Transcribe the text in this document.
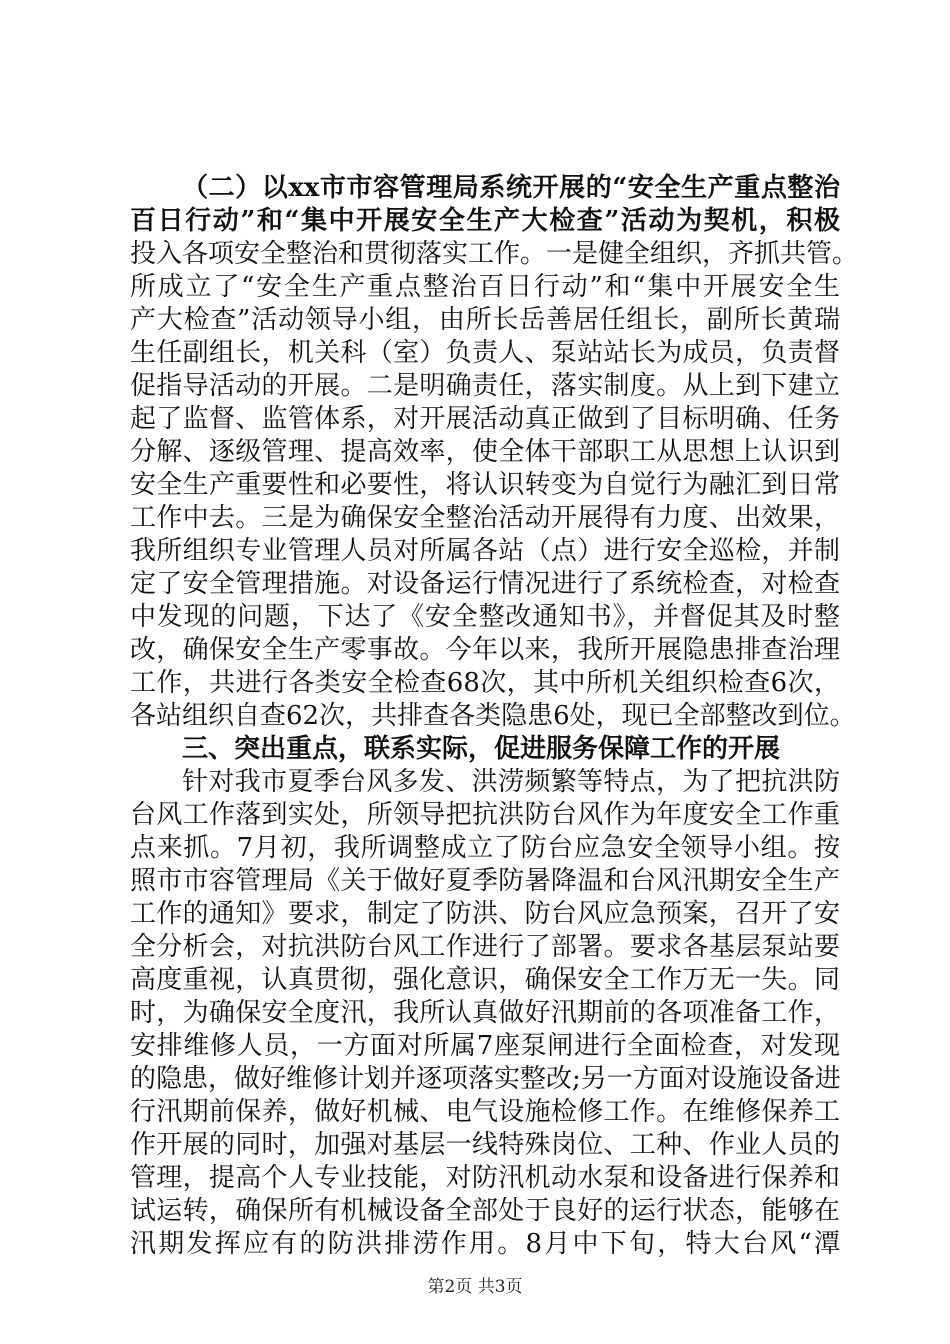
（二）以xx市市容管理局系统开展的“安全生产重点整治
百日行动”和“集中开展安全生产大检查”活动为契机，积极
投入各项安全整治和贯彻落实工作。一是健全组织，齐抓共管。
所成立了“安全生产重点整治百日行动”和“集中开展安全生
产大检查”活动领导小组，由所长岳善居任组长，副所长黄瑞
生任副组长，机关科（室）负责人、泵站站长为成员，负责督
促指导活动的开展。二是明确责任，落实制度。从上到下建立
起了监督、监管体系，对开展活动真正做到了目标明确、任务
分解、逐级管理、提高效率，使全体干部职工从思想上认识到
安全生产重要性和必要性，将认识转变为自觉行为融汇到日常
工作中去。三是为确保安全整治活动开展得有力度、出效果，
我所组织专业管理人员对所属各站（点）进行安全巡检，并制
定了安全管理措施。对设备运行情况进行了系统检查，对检查
中发现的问题，下达了《安全整改通知书》，并督促其及时整
改，确保安全生产零事故。今年以来，我所开展隐患排查治理
工作，共进行各类安全检查68次，其中所机关组织检查6次，
各站组织自查62次，共排查各类隐患6处，现已全部整改到位。
三、突出重点，联系实际，促进服务保障工作的开展
针对我市夏季台风多发、洪涝频繁等特点，为了把抗洪防
台风工作落到实处，所领导把抗洪防台风作为年度安全工作重
点来抓。7月初，我所调整成立了防台应急安全领导小组。按
照市市容管理局《关于做好夏季防暑降温和台风汛期安全生产
工作的通知》要求，制定了防洪、防台风应急预案，召开了安
全分析会，对抗洪防台风工作进行了部署。要求各基层泵站要
高度重视，认真贯彻，强化意识，确保安全工作万无一失。同
时，为确保安全度汛，我所认真做好汛期前的各项准备工作，
安排维修人员，一方面对所属7座泵闸进行全面检查，对发现
的隐患，做好维修计划并逐项落实整改;另一方面对设施设备进
行汛期前保养，做好机械、电气设施检修工作。在维修保养工
作开展的同时，加强对基层一线特殊岗位、工种、作业人员的
管理，提高个人专业技能，对防汛机动水泵和设备进行保养和
试运转，确保所有机械设备全部处于良好的运行状态，能够在
汛期发挥应有的防洪排涝作用。8月中下旬，特大台风“潭
第2页 共3页
